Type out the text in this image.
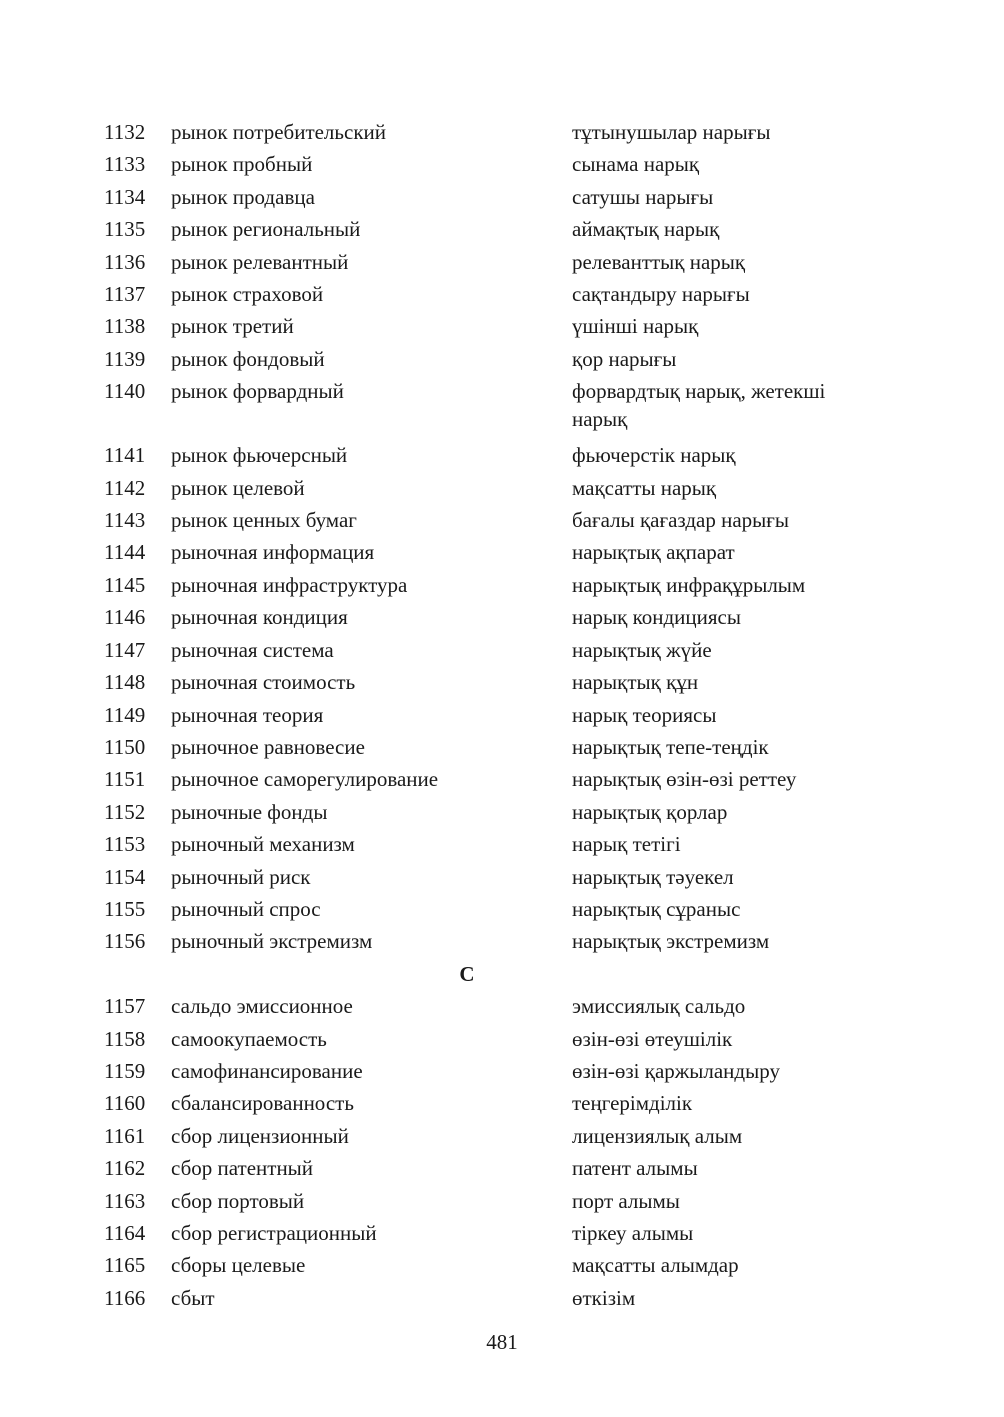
1132	рынок потребительский	тұтынушылар нарығы
1133	рынок пробный	сынама нарық
1134	рынок продавца	сатушы нарығы
1135	рынок региональный	аймақтық нарық
1136	рынок релевантный	релеванттық нарық
1137	рынок страховой	сақтандыру нарығы
1138	рынок третий	үшінші нарық
1139	рынок фондовый	қор нарығы
1140	рынок форвардный	форвардтық нарық, жетекші нарық
1141	рынок фьючерсный	фьючерстік нарық
1142	рынок целевой	мақсатты нарық
1143	рынок ценных бумаг	бағалы қағаздар нарығы
1144	рыночная информация	нарықтық ақпарат
1145	рыночная инфраструктура	нарықтық инфрақұрылым
1146	рыночная кондиция	нарық кондициясы
1147	рыночная система	нарықтық жүйе
1148	рыночная стоимость	нарықтық құн
1149	рыночная теория	нарық теориясы
1150	рыночное равновесие	нарықтық тепе-теңдік
1151	рыночное саморегулирование	нарықтық өзін-өзі реттеу
1152	рыночные фонды	нарықтық қорлар
1153	рыночный механизм	нарық тетігі
1154	рыночный риск	нарықтық тәуекел
1155	рыночный спрос	нарықтық сұраныс
1156	рыночный экстремизм	нарықтық экстремизм
С
1157	сальдо эмиссионное	эмиссиялық сальдо
1158	самоокупаемость	өзін-өзі өтеушілік
1159	самофинансирование	өзін-өзі қаржыландыру
1160	сбалансированность	теңгерімділік
1161	сбор лицензионный	лицензиялық алым
1162	сбор патентный	патент алымы
1163	сбор портовый	порт алымы
1164	сбор регистрационный	тіркеу алымы
1165	сборы целевые	мақсатты алымдар
1166	сбыт	өткізім
481
